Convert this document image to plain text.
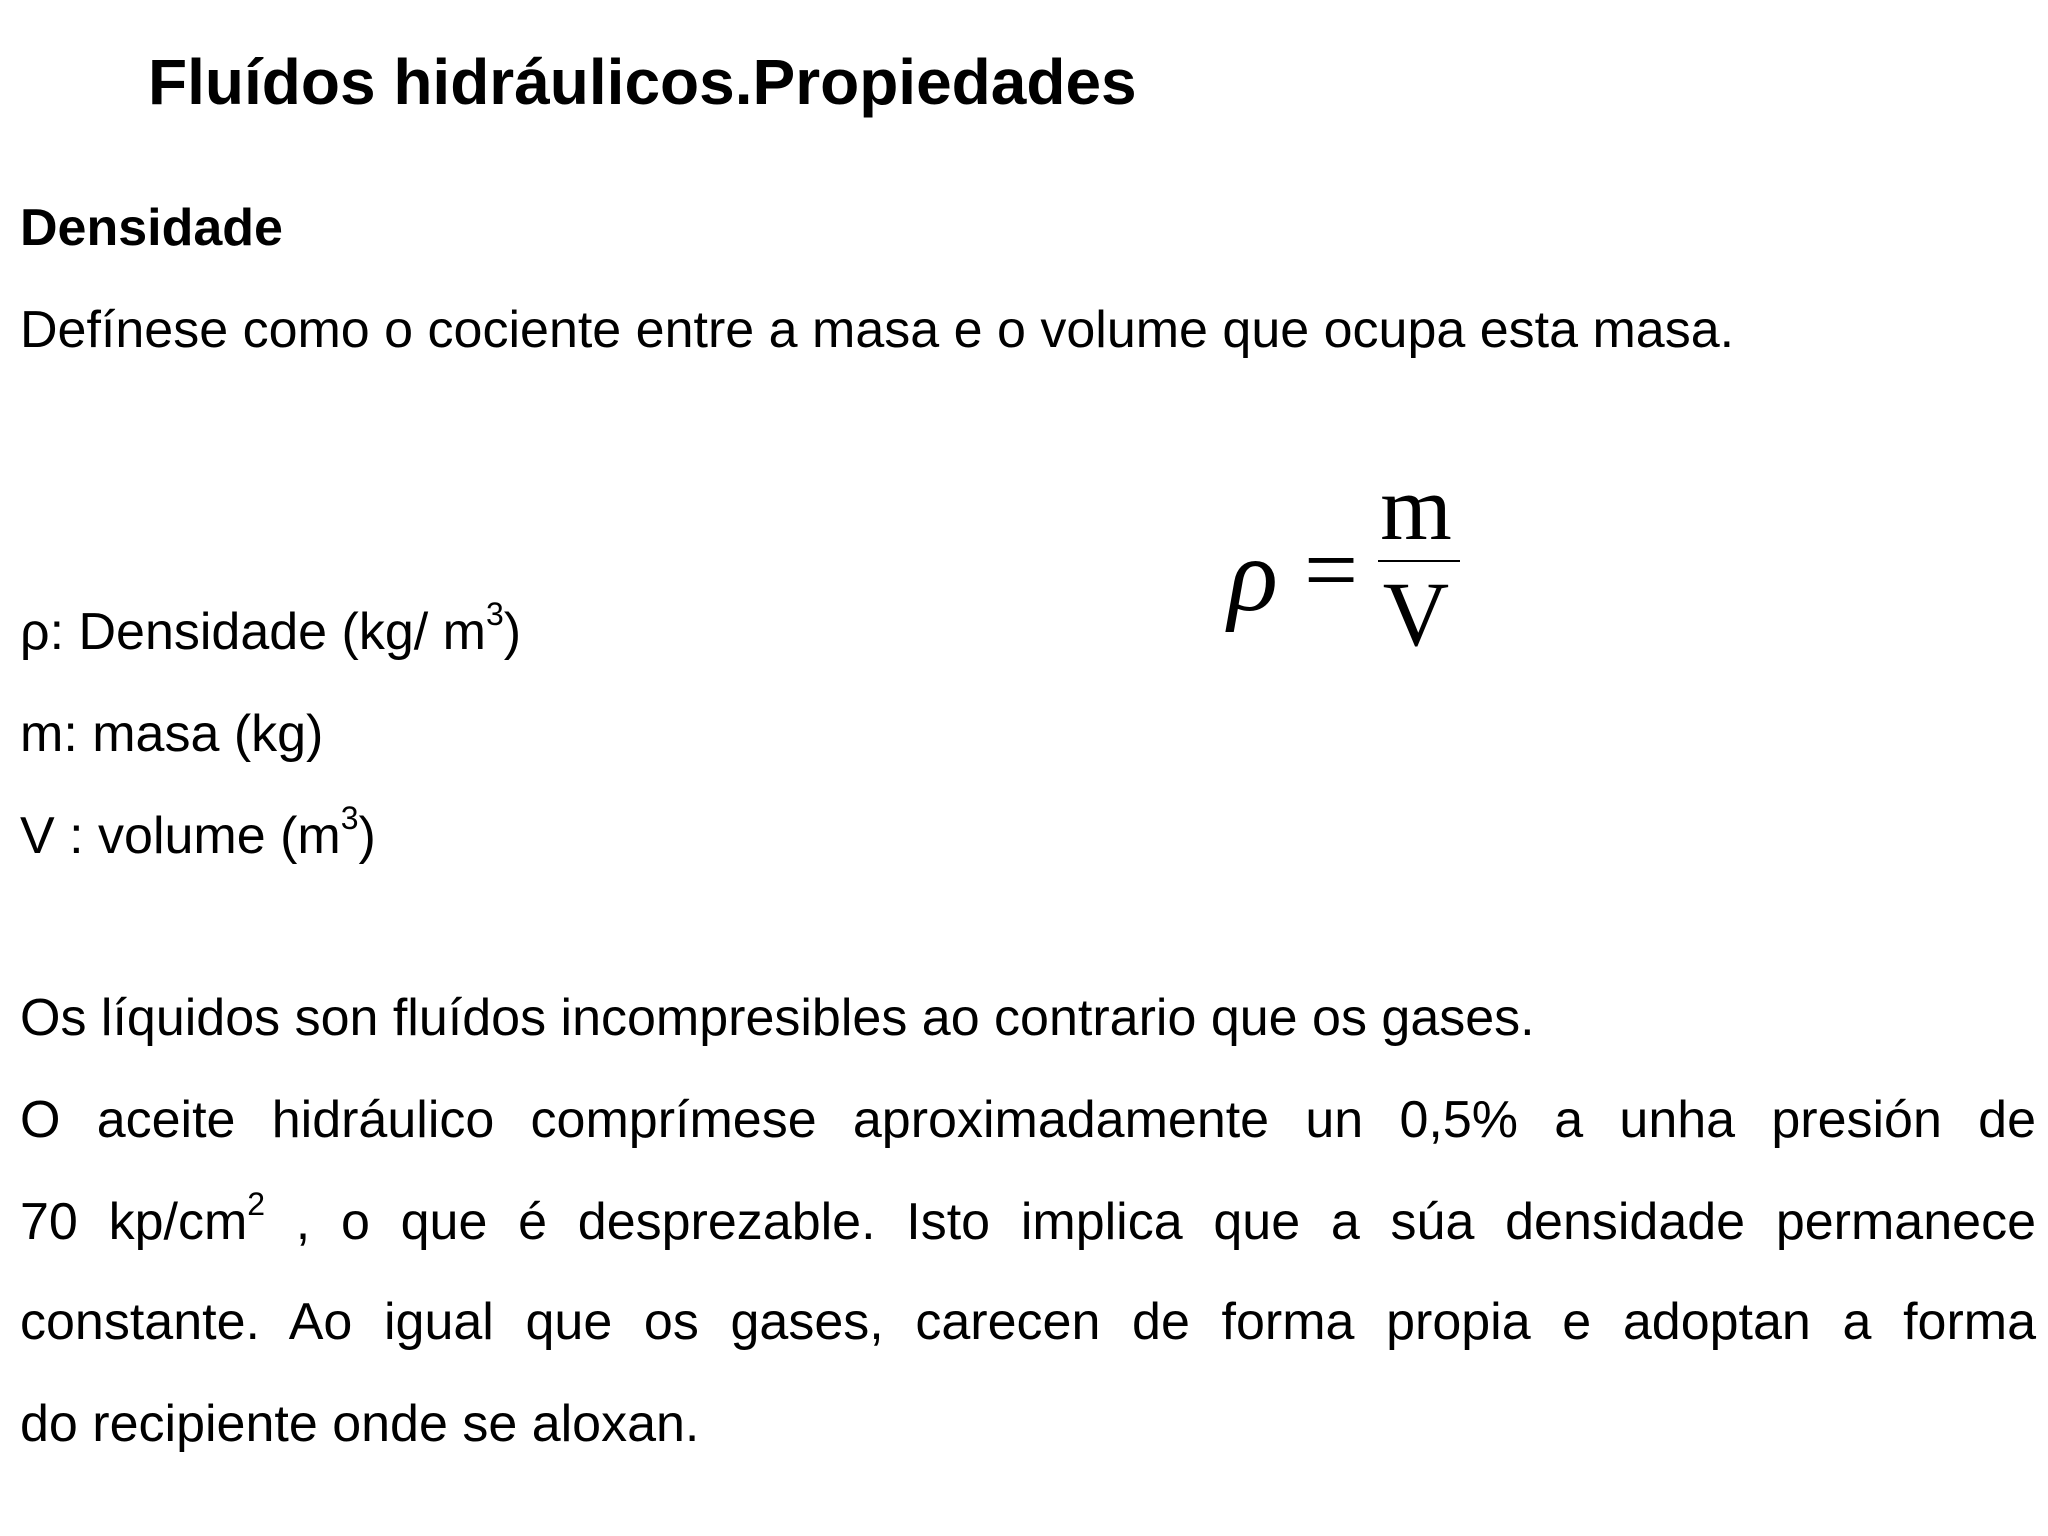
Fluídos hidráulicos.Propiedades
Densidade

Defínese como o cociente entre a masa e o volume que ocupa esta masa.

ρ =
m
V

ρ: Densidade (kg/ $m^3$)

m: masa (kg)

V : volume $(m^3)$

Os líquidos son fluídos incompresibles ao contrario que os gases.

O aceite hidráulico comprímese aproximadamente un 0,5% a unha presión de
70 $kp/cm^2$ , o que é desprezable. Isto implica que a súa densidade permanece
constante. Ao igual que os gases, carecen de forma propia e adoptan a forma

do recipiente onde se aloxan.
